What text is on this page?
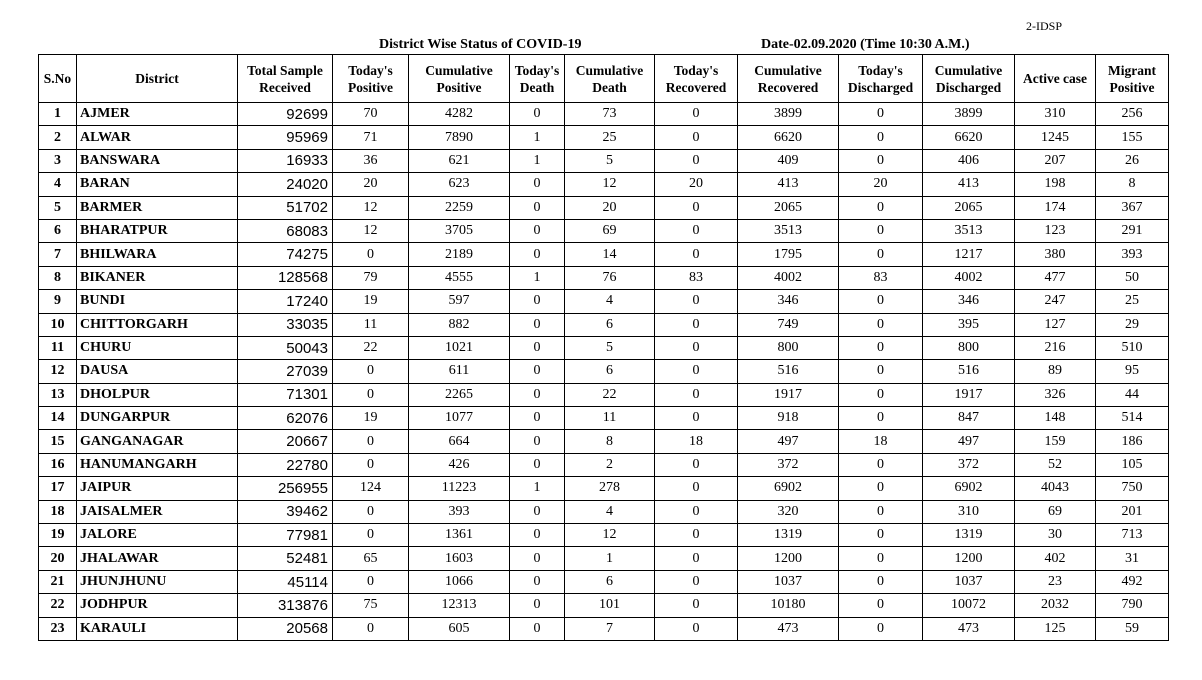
2-IDSP
District Wise Status of COVID-19	Date-02.09.2020 (Time 10:30 A.M.)
S.No	District	Total Sample Received	Today's Positive	Cumulative Positive	Today's Death	Cumulative Death	Today's Recovered	Cumulative Recovered	Today's Discharged	Cumulative Discharged	Active case	Migrant Positive
1	AJMER	92699	70	4282	0	73	0	3899	0	3899	310	256
2	ALWAR	95969	71	7890	1	25	0	6620	0	6620	1245	155
3	BANSWARA	16933	36	621	1	5	0	409	0	406	207	26
4	BARAN	24020	20	623	0	12	20	413	20	413	198	8
5	BARMER	51702	12	2259	0	20	0	2065	0	2065	174	367
6	BHARATPUR	68083	12	3705	0	69	0	3513	0	3513	123	291
7	BHILWARA	74275	0	2189	0	14	0	1795	0	1217	380	393
8	BIKANER	128568	79	4555	1	76	83	4002	83	4002	477	50
9	BUNDI	17240	19	597	0	4	0	346	0	346	247	25
10	CHITTORGARH	33035	11	882	0	6	0	749	0	395	127	29
11	CHURU	50043	22	1021	0	5	0	800	0	800	216	510
12	DAUSA	27039	0	611	0	6	0	516	0	516	89	95
13	DHOLPUR	71301	0	2265	0	22	0	1917	0	1917	326	44
14	DUNGARPUR	62076	19	1077	0	11	0	918	0	847	148	514
15	GANGANAGAR	20667	0	664	0	8	18	497	18	497	159	186
16	HANUMANGARH	22780	0	426	0	2	0	372	0	372	52	105
17	JAIPUR	256955	124	11223	1	278	0	6902	0	6902	4043	750
18	JAISALMER	39462	0	393	0	4	0	320	0	310	69	201
19	JALORE	77981	0	1361	0	12	0	1319	0	1319	30	713
20	JHALAWAR	52481	65	1603	0	1	0	1200	0	1200	402	31
21	JHUNJHUNU	45114	0	1066	0	6	0	1037	0	1037	23	492
22	JODHPUR	313876	75	12313	0	101	0	10180	0	10072	2032	790
23	KARAULI	20568	0	605	0	7	0	473	0	473	125	59
